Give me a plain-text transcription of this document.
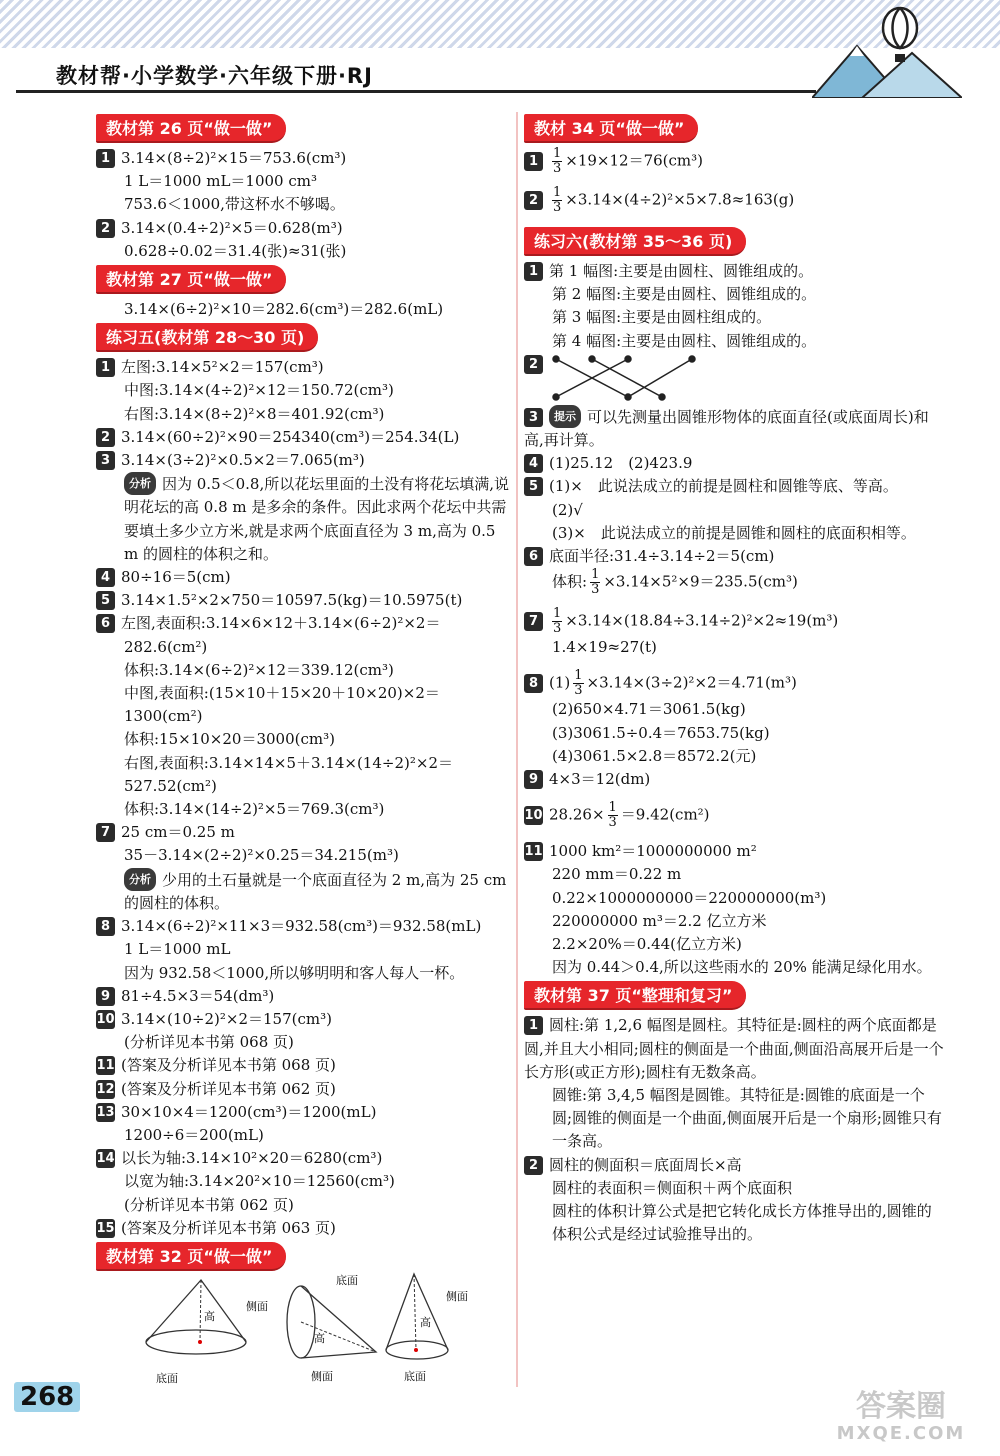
教材帮·小学数学·六年级下册·RJ
教材第 26 页“做一做”
1 3.14×(8÷2)²×15＝753.6(cm³)
1 L＝1000 mL＝1000 cm³
753.6＜1000,带这杯水不够喝。
2 3.14×(0.4÷2)²×5＝0.628(m³)
0.628÷0.02＝31.4(张)≈31(张)
教材第 27 页“做一做”
3.14×(6÷2)²×10＝282.6(cm³)＝282.6(mL)
练习五(教材第 28～30 页)
1 左图:3.14×5²×2＝157(cm³)
中图:3.14×(4÷2)²×12＝150.72(cm³)
右图:3.14×(8÷2)²×8＝401.92(cm³)
2 3.14×(60÷2)²×90＝254340(cm³)＝254.34(L)
3 3.14×(3÷2)²×0.5×2＝7.065(m³)
分析 因为 0.5＜0.8,所以花坛里面的土没有将花坛填满,说明花坛的高 0.8 m 是多余的条件。因此求两个花坛中共需要填土多少立方米,就是求两个底面直径为 3 m,高为 0.5 m 的圆柱的体积之和。
4 80÷16＝5(cm)
5 3.14×1.5²×2×750＝10597.5(kg)＝10.5975(t)
6 左图,表面积:3.14×6×12＋3.14×(6÷2)²×2＝
282.6(cm²)
体积:3.14×(6÷2)²×12＝339.12(cm³)
中图,表面积:(15×10＋15×20＋10×20)×2＝
1300(cm²)
体积:15×10×20＝3000(cm³)
右图,表面积:3.14×14×5＋3.14×(14÷2)²×2＝
527.52(cm²)
体积:3.14×(14÷2)²×5＝769.3(cm³)
7 25 cm＝0.25 m
35－3.14×(2÷2)²×0.25＝34.215(m³)
分析 少用的土石量就是一个底面直径为 2 m,高为 25 cm 的圆柱的体积。
8 3.14×(6÷2)²×11×3＝932.58(cm³)＝932.58(mL)
1 L＝1000 mL
因为 932.58＜1000,所以够明明和客人每人一杯。
9 81÷4.5×3＝54(dm³)
10 3.14×(10÷2)²×2＝157(cm³)
(分析详见本书第 068 页)
11 (答案及分析详见本书第 068 页)
12 (答案及分析详见本书第 062 页)
13 30×10×4＝1200(cm³)＝1200(mL)
1200÷6＝200(mL)
14 以长为轴:3.14×10²×20＝6280(cm³)
以宽为轴:3.14×20²×10＝12560(cm³)
(分析详见本书第 062 页)
15 (答案及分析详见本书第 063 页)
教材第 32 页“做一做”
高
侧面
底面
高
底面
侧面
高
侧面
底面
教材 34 页“做一做”
$1 \frac{1}{3} \times 19\times 12=76(cm^3)$
$2 \frac{1}{3} \times 3.14\times(4\div 2)^2\times 5\times 7.8\approx 163(g)$
练习六(教材第 35～36 页)
1 第 1 幅图:主要是由圆柱、圆锥组成的。
第 2 幅图:主要是由圆柱、圆锥组成的。
第 3 幅图:主要是由圆柱组成的。
第 4 幅图:主要是由圆柱、圆锥组成的。
2
3 提示 可以先测量出圆锥形物体的底面直径(或底面周长)和高,再计算。
4 (1)25.12　(2)423.9
5 (1)×　此说法成立的前提是圆柱和圆锥等底、等高。
(2)√
(3)×　此说法成立的前提是圆锥和圆柱的底面积相等。
6 底面半径:31.4÷3.14÷2＝5(cm)
体积: $\frac{1}{3} \times 3.14\times 5^2\times 9=235.5(cm^3)$
$7 \frac{1}{3} \times 3.14\times(18.84\div 3.14\div 2)^2\times 2\approx 19(m^3)$
1.4×19≈27(t)
8 $(1) \frac{1}{3} \times 3.14\times(3\div 2)^2\times 2=4.71(m^3)$
(2)650×4.71＝3061.5(kg)
(3)3061.5÷0.4＝7653.75(kg)
(4)3061.5×2.8＝8572.2(元)
9 4×3＝12(dm)
10 $28.26\times \frac{1}{3} =9.42(cm^2)$
11 1000 km²＝1000000000 m²
220 mm＝0.22 m
0.22×1000000000＝220000000(m³)
220000000 m³＝2.2 亿立方米
2.2×20%＝0.44(亿立方米)
因为 0.44＞0.4,所以这些雨水的 20% 能满足绿化用水。
教材第 37 页“整理和复习”
1 圆柱:第 1,2,6 幅图是圆柱。其特征是:圆柱的两个底面都是圆,并且大小相同;圆柱的侧面是一个曲面,侧面沿高展开后是一个长方形(或正方形);圆柱有无数条高。
圆锥:第 3,4,5 幅图是圆锥。其特征是:圆锥的底面是一个圆;圆锥的侧面是一个曲面,侧面展开后是一个扇形;圆锥只有一条高。
2 圆柱的侧面积＝底面周长×高
圆柱的表面积＝侧面积＋两个底面积
圆柱的体积计算公式是把它转化成长方体推导出的,圆锥的体积公式是经过试验推导出的。
268	答案圈
MXQE.COM
